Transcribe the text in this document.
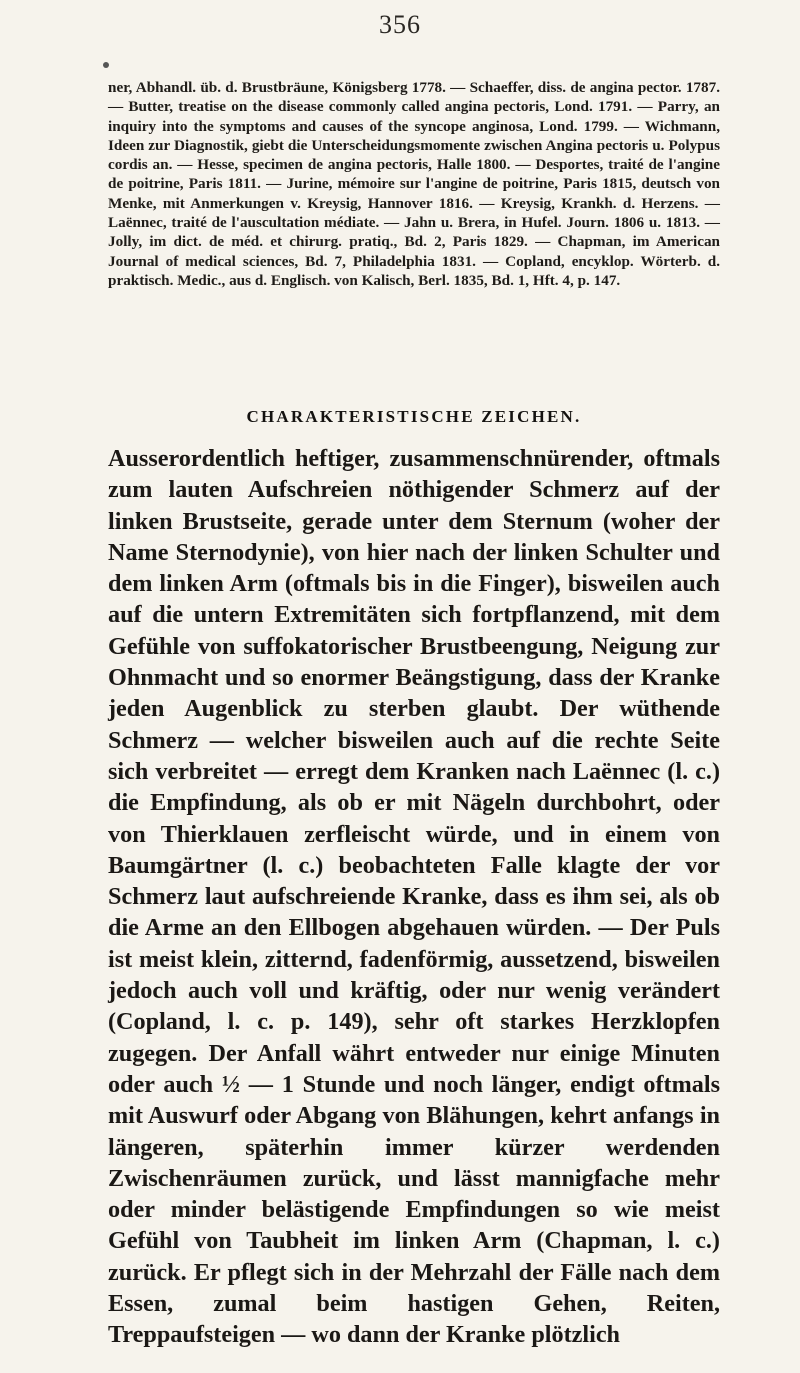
356

ner, Abhandl. üb. d. Brustbräune, Königsberg 1778. — Schaeffer, diss. de angina pector. 1787. — Butter, treatise on the disease commonly called angina pectoris, Lond. 1791. — Parry, an inquiry into the symptoms and causes of the syncope anginosa, Lond. 1799. — Wichmann, Ideen zur Diagnostik, giebt die Unterscheidungsmomente zwischen Angina pectoris u. Polypus cordis an. — Hesse, specimen de angina pectoris, Halle 1800. — Desportes, traité de l'angine de poitrine, Paris 1811. — Jurine, mémoire sur l'angine de poitrine, Paris 1815, deutsch von Menke, mit Anmerkungen v. Kreysig, Hannover 1816. — Kreysig, Krankh. d. Herzens. — Laënnec, traité de l'auscultation médiate. — Jahn u. Brera, in Hufel. Journ. 1806 u. 1813. — Jolly, im dict. de méd. et chirurg. pratiq., Bd. 2, Paris 1829. — Chapman, im American Journal of medical sciences, Bd. 7, Philadelphia 1831. — Copland, encyklop. Wörterb. d. praktisch. Medic., aus d. Englisch. von Kalisch, Berl. 1835, Bd. 1, Hft. 4, p. 147.

CHARAKTERISTISCHE ZEICHEN.

Ausserordentlich heftiger, zusammenschnürender, oftmals zum lauten Aufschreien nöthigender Schmerz auf der linken Brustseite, gerade unter dem Sternum (woher der Name Sternodynie), von hier nach der linken Schulter und dem linken Arm (oftmals bis in die Finger), bisweilen auch auf die untern Extremitäten sich fortpflanzend, mit dem Gefühle von suffokatorischer Brustbeengung, Neigung zur Ohnmacht und so enormer Beängstigung, dass der Kranke jeden Augenblick zu sterben glaubt. Der wüthende Schmerz — welcher bisweilen auch auf die rechte Seite sich verbreitet — erregt dem Kranken nach Laënnec (l. c.) die Empfindung, als ob er mit Nägeln durchbohrt, oder von Thierklauen zerfleischt würde, und in einem von Baumgärtner (l. c.) beobachteten Falle klagte der vor Schmerz laut aufschreiende Kranke, dass es ihm sei, als ob die Arme an den Ellbogen abgehauen würden. — Der Puls ist meist klein, zitternd, fadenförmig, aussetzend, bisweilen jedoch auch voll und kräftig, oder nur wenig verändert (Copland, l. c. p. 149), sehr oft starkes Herzklopfen zugegen. Der Anfall währt entweder nur einige Minuten oder auch ½ — 1 Stunde und noch länger, endigt oftmals mit Auswurf oder Abgang von Blähungen, kehrt anfangs in längeren, späterhin immer kürzer werdenden Zwischenräumen zurück, und lässt mannigfache mehr oder minder belästigende Empfindungen so wie meist Gefühl von Taubheit im linken Arm (Chapman, l. c.) zurück. Er pflegt sich in der Mehrzahl der Fälle nach dem Essen, zumal beim hastigen Gehen, Reiten, Treppaufsteigen — wo dann der Kranke plötzlich
